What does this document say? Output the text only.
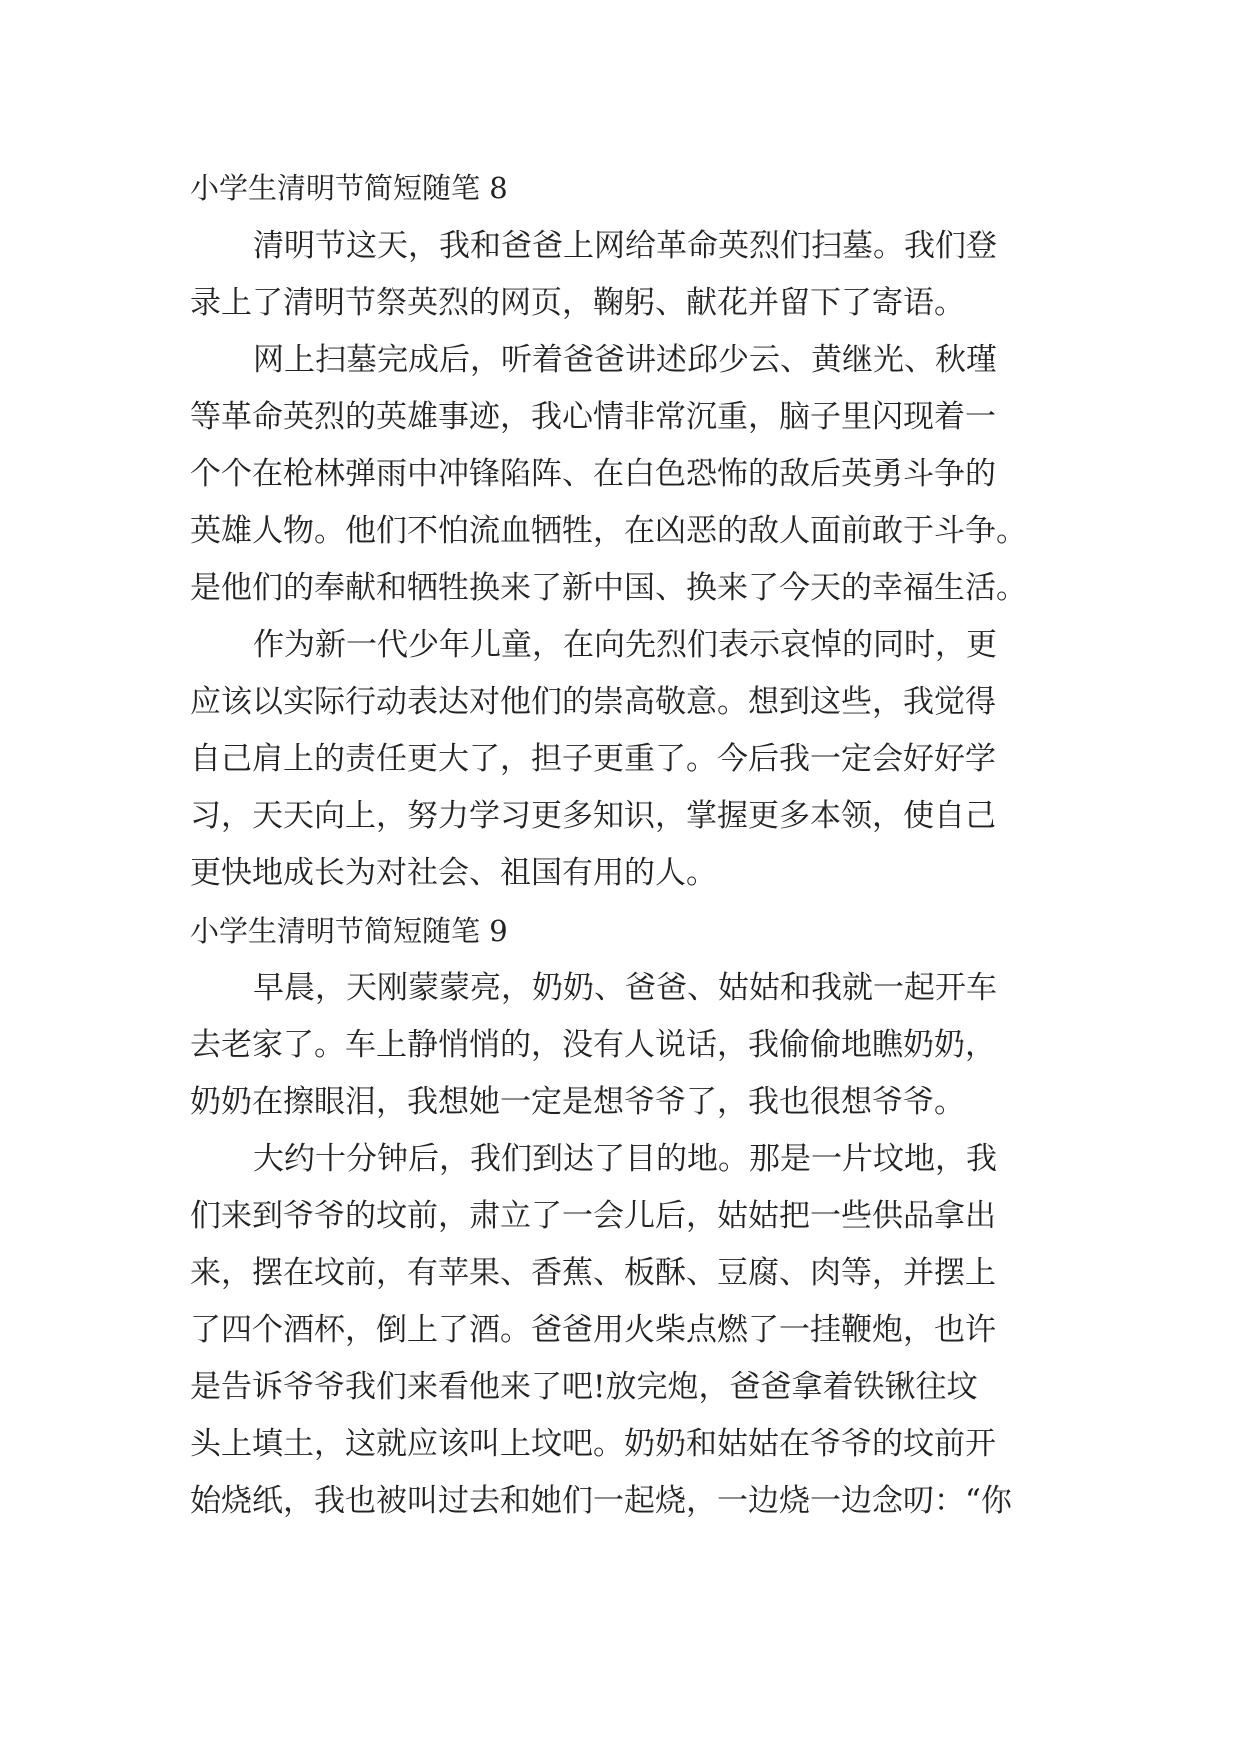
小学生清明节简短随笔 8
清明节这天，我和爸爸上网给革命英烈们扫墓。我们登
录上了清明节祭英烈的网页，鞠躬、献花并留下了寄语。
网上扫墓完成后，听着爸爸讲述邱少云、黄继光、秋瑾
等革命英烈的英雄事迹，我心情非常沉重，脑子里闪现着一
个个在枪林弹雨中冲锋陷阵、在白色恐怖的敌后英勇斗争的
英雄人物。他们不怕流血牺牲，在凶恶的敌人面前敢于斗争。
是他们的奉献和牺牲换来了新中国、换来了今天的幸福生活。
作为新一代少年儿童，在向先烈们表示哀悼的同时，更
应该以实际行动表达对他们的崇高敬意。想到这些，我觉得
自己肩上的责任更大了，担子更重了。今后我一定会好好学
习，天天向上，努力学习更多知识，掌握更多本领，使自己
更快地成长为对社会、祖国有用的人。
小学生清明节简短随笔 9
早晨，天刚蒙蒙亮，奶奶、爸爸、姑姑和我就一起开车
去老家了。车上静悄悄的，没有人说话，我偷偷地瞧奶奶，
奶奶在擦眼泪，我想她一定是想爷爷了，我也很想爷爷。
大约十分钟后，我们到达了目的地。那是一片坟地，我
们来到爷爷的坟前，肃立了一会儿后，姑姑把一些供品拿出
来，摆在坟前，有苹果、香蕉、板酥、豆腐、肉等，并摆上
了四个酒杯，倒上了酒。爸爸用火柴点燃了一挂鞭炮，也许
是告诉爷爷我们来看他来了吧!放完炮，爸爸拿着铁锹往坟
头上填土，这就应该叫上坟吧。奶奶和姑姑在爷爷的坟前开
始烧纸，我也被叫过去和她们一起烧，一边烧一边念叨：“你
